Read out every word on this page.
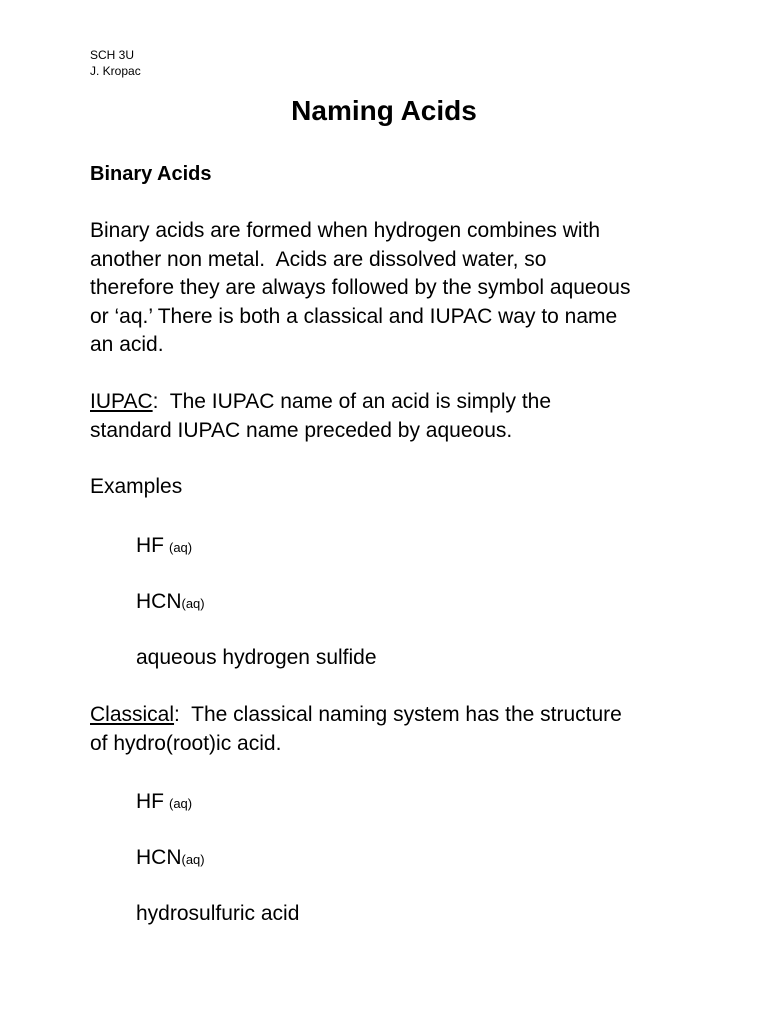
SCH 3U
J. Kropac
Naming Acids
Binary Acids
Binary acids are formed when hydrogen combines with
another non metal.  Acids are dissolved water, so
therefore they are always followed by the symbol aqueous
or ‘aq.’ There is both a classical and IUPAC way to name
an acid.
IUPAC:  The IUPAC name of an acid is simply the
standard IUPAC name preceded by aqueous.
Examples
HF (aq)
HCN(aq)
aqueous hydrogen sulfide
Classical:  The classical naming system has the structure
of hydro(root)ic acid.
HF (aq)
HCN(aq)
hydrosulfuric acid
